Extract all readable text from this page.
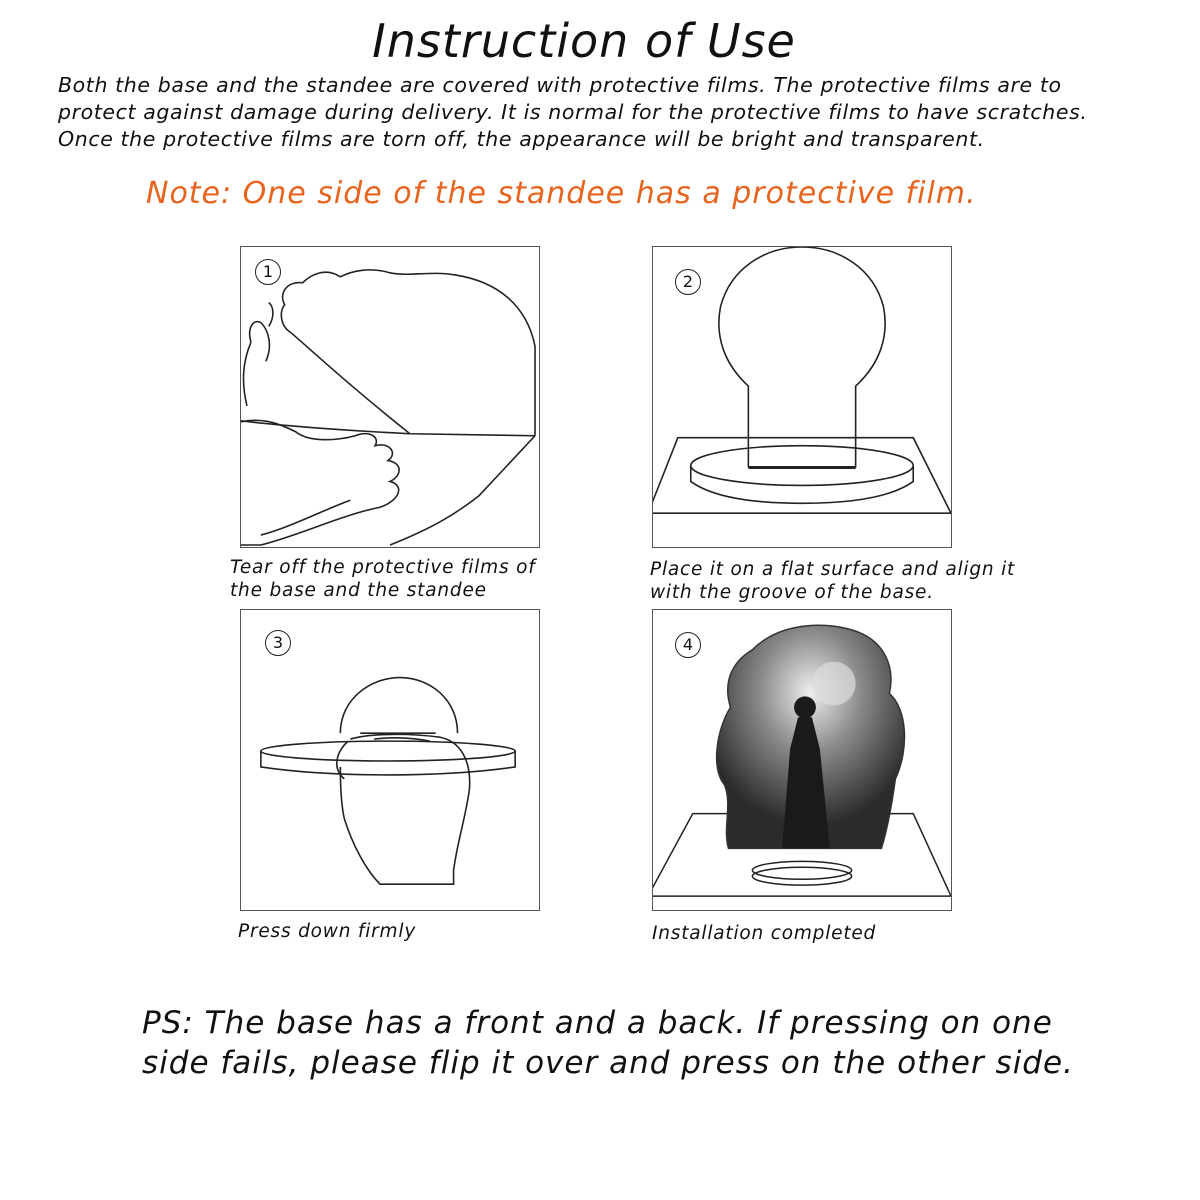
Instruction of Use
Both the base and the standee are covered with protective films. The protective films are to
protect against damage during delivery. It is normal for the protective films to have scratches.
Once the protective films are torn off, the appearance will be bright and transparent.

Note: One side of the standee has a protective film.

1
Tear off the protective films of
the base and the standee
2
Place it on a flat surface and align it
with the groove of the base.
3
Press down firmly
4
Installation completed
PS: The base has a front and a back. If pressing on one
side fails, please flip it over and press on the other side.
